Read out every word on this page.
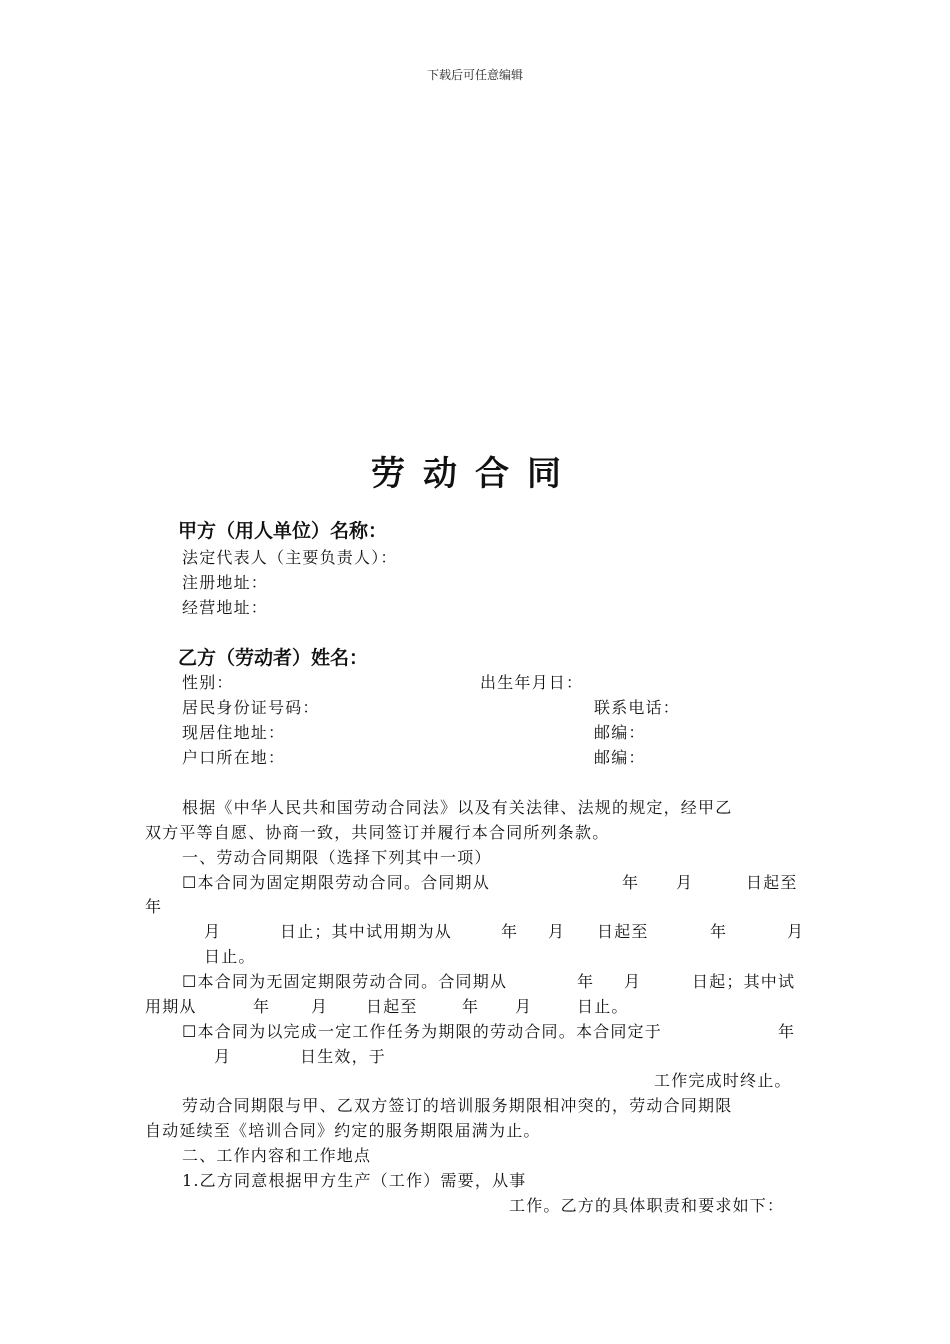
下载后可任意编辑
劳动合同
甲方（用人单位）名称：
法定代表人（主要负责人）：
注册地址：
经营地址：
乙方（劳动者）姓名：
性别：	出生年月日：
居民身份证号码：	联系电话：
现居住地址：	邮编：
户口所在地：	邮编：
根据《中华人民共和国劳动合同法》以及有关法律、法规的规定，经甲乙
双方平等自愿、协商一致，共同签订并履行本合同所列条款。
一、劳动合同期限（选择下列其中一项）
☐本合同为固定期限劳动合同。合同期从	年 月	日起至
年
月	日止；其中试用期为从	年 月 日起至	年	月
日止。
☐本合同为无固定期限劳动合同。合同期从	年 月	日起；其中试
用期从	年	月 日起至	年 月	日止。
☐本合同为以完成一定工作任务为期限的劳动合同。本合同定于	年
月	日生效，于
工作完成时终止。
劳动合同期限与甲、乙双方签订的培训服务期限相冲突的，劳动合同期限
自动延续至《培训合同》约定的服务期限届满为止。
二、工作内容和工作地点
1.乙方同意根据甲方生产（工作）需要，从事
工作。乙方的具体职责和要求如下：
